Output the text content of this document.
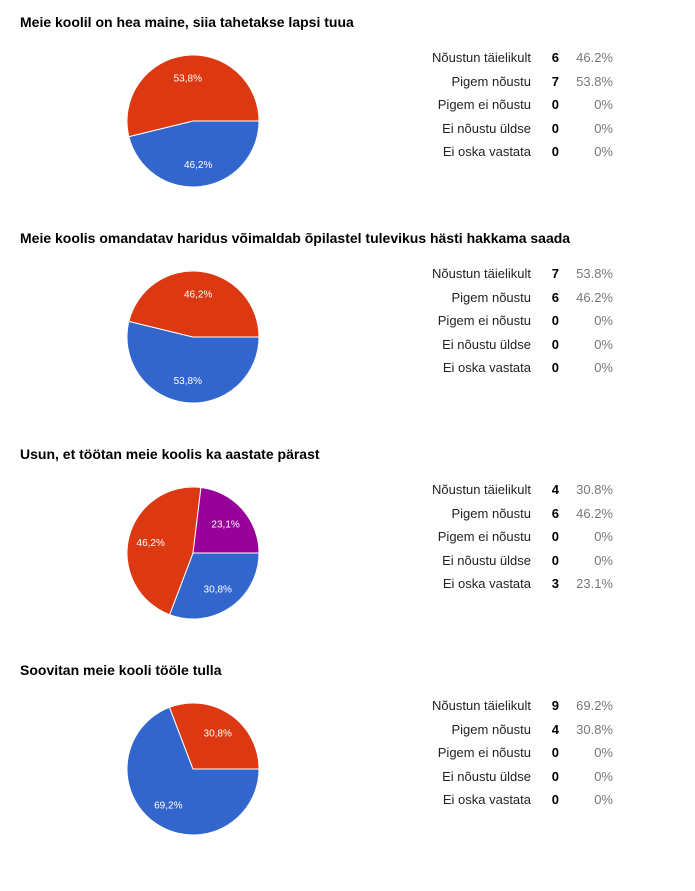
Meie koolil on hea maine, siia tahetakse lapsi tuua
46,2%
53,8%
Nõustun täielikult	6	46.2%
Pigem nõustu	7	53.8%
Pigem ei nõustu	0	0%
Ei nõustu üldse	0	0%
Ei oska vastata	0	0%
Meie koolis omandatav haridus võimaldab õpilastel tulevikus hästi hakkama saada
53,8%
46,2%
Nõustun täielikult	7	53.8%
Pigem nõustu	6	46.2%
Pigem ei nõustu	0	0%
Ei nõustu üldse	0	0%
Ei oska vastata	0	0%
Usun, et töötan meie koolis ka aastate pärast
30,8%
46,2%
23,1%
Nõustun täielikult	4	30.8%
Pigem nõustu	6	46.2%
Pigem ei nõustu	0	0%
Ei nõustu üldse	0	0%
Ei oska vastata	3	23.1%
Soovitan meie kooli tööle tulla
69,2%
30,8%
Nõustun täielikult	9	69.2%
Pigem nõustu	4	30.8%
Pigem ei nõustu	0	0%
Ei nõustu üldse	0	0%
Ei oska vastata	0	0%
